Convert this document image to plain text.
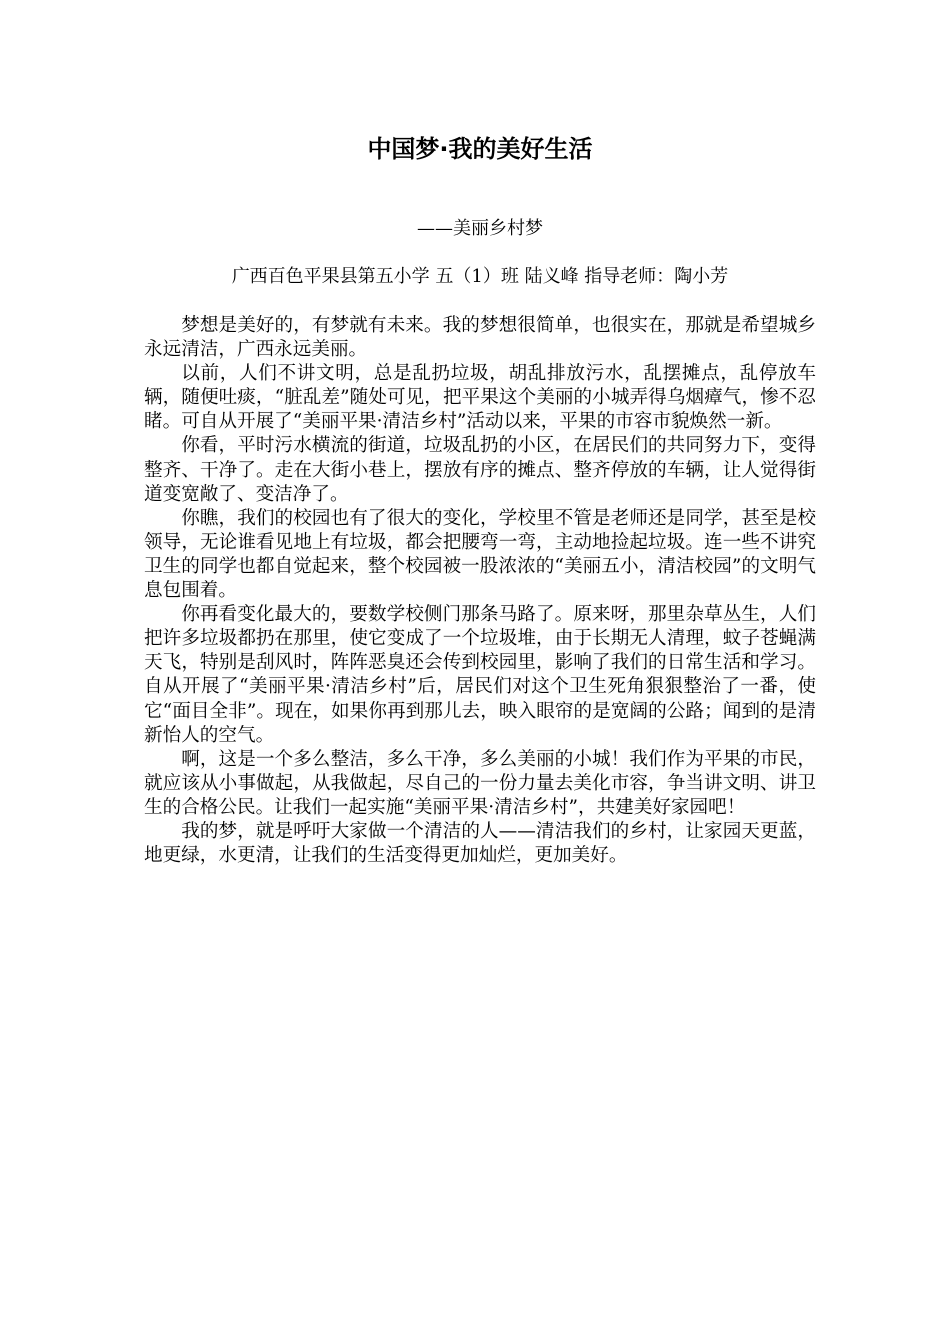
中国梦·我的美好生活

——美丽乡村梦

广西百色平果县第五小学 五（1）班 陆义峰 指导老师：陶小芳

梦想是美好的，有梦就有未来。我的梦想很简单，也很实在，那就是希望城乡永远清洁，广西永远美丽。

以前，人们不讲文明，总是乱扔垃圾，胡乱排放污水，乱摆摊点，乱停放车辆，随便吐痰，“脏乱差”随处可见，把平果这个美丽的小城弄得乌烟瘴气，惨不忍睹。可自从开展了“美丽平果·清洁乡村”活动以来，平果的市容市貌焕然一新。

你看，平时污水横流的街道，垃圾乱扔的小区，在居民们的共同努力下，变得整齐、干净了。走在大街小巷上，摆放有序的摊点、整齐停放的车辆，让人觉得街道变宽敞了、变洁净了。

你瞧，我们的校园也有了很大的变化，学校里不管是老师还是同学，甚至是校领导，无论谁看见地上有垃圾，都会把腰弯一弯，主动地捡起垃圾。连一些不讲究卫生的同学也都自觉起来，整个校园被一股浓浓的“美丽五小，清洁校园”的文明气息包围着。

你再看变化最大的，要数学校侧门那条马路了。原来呀，那里杂草丛生，人们把许多垃圾都扔在那里，使它变成了一个垃圾堆，由于长期无人清理，蚊子苍蝇满天飞，特别是刮风时，阵阵恶臭还会传到校园里，影响了我们的日常生活和学习。自从开展了“美丽平果·清洁乡村”后，居民们对这个卫生死角狠狠整治了一番，使它“面目全非”。现在，如果你再到那儿去，映入眼帘的是宽阔的公路；闻到的是清新怡人的空气。

啊，这是一个多么整洁，多么干净，多么美丽的小城！我们作为平果的市民，就应该从小事做起，从我做起，尽自己的一份力量去美化市容，争当讲文明、讲卫生的合格公民。让我们一起实施“美丽平果·清洁乡村”，共建美好家园吧！

我的梦，就是呼吁大家做一个清洁的人——清洁我们的乡村，让家园天更蓝，地更绿，水更清，让我们的生活变得更加灿烂，更加美好。
